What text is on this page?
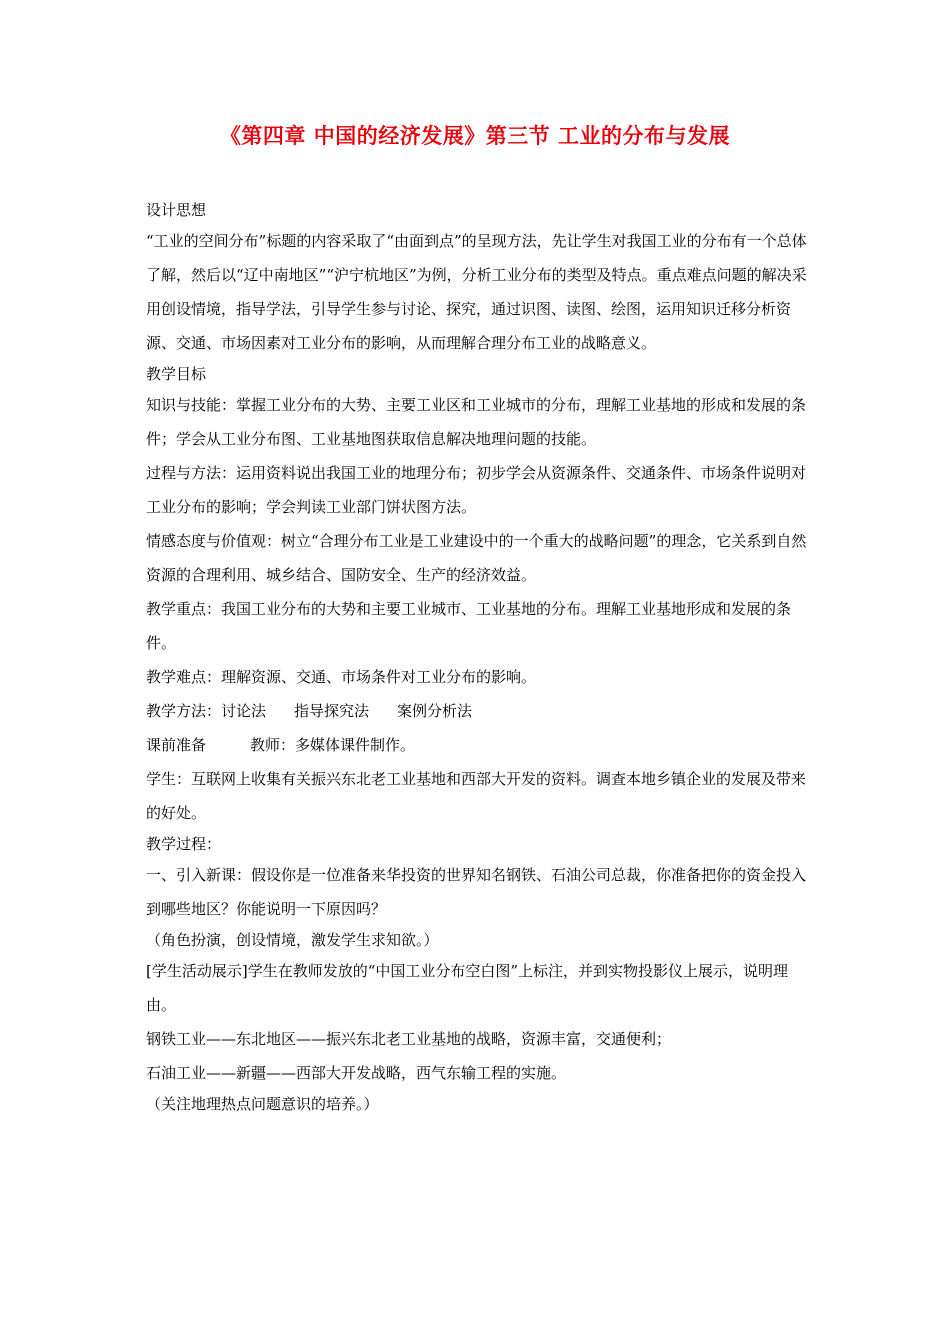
《第四章 中国的经济发展》第三节 工业的分布与发展

设计思想

“工业的空间分布”标题的内容采取了“由面到点”的呈现方法，先让学生对我国工业的分布有一个总体了解，然后以“辽中南地区”“沪宁杭地区”为例，分析工业分布的类型及特点。重点难点问题的解决采用创设情境，指导学法，引导学生参与讨论、探究，通过识图、读图、绘图，运用知识迁移分析资源、交通、市场因素对工业分布的影响，从而理解合理分布工业的战略意义。

教学目标

知识与技能：掌握工业分布的大势、主要工业区和工业城市的分布，理解工业基地的形成和发展的条件；学会从工业分布图、工业基地图获取信息解决地理问题的技能。

过程与方法：运用资料说出我国工业的地理分布；初步学会从资源条件、交通条件、市场条件说明对工业分布的影响；学会判读工业部门饼状图方法。

情感态度与价值观：树立“合理分布工业是工业建设中的一个重大的战略问题”的理念，它关系到自然资源的合理利用、城乡结合、国防安全、生产的经济效益。

教学重点：我国工业分布的大势和主要工业城市、工业基地的分布。理解工业基地形成和发展的条件。

教学难点：理解资源、交通、市场条件对工业分布的影响。

教学方法：讨论法 指导探究法 案例分析法

课前准备	教师：多媒体课件制作。

学生：互联网上收集有关振兴东北老工业基地和西部大开发的资料。调查本地乡镇企业的发展及带来的好处。

教学过程：

一、引入新课：假设你是一位准备来华投资的世界知名钢铁、石油公司总裁，你准备把你的资金投入到哪些地区？你能说明一下原因吗？

（角色扮演，创设情境，激发学生求知欲。）

[学生活动展示]学生在教师发放的“中国工业分布空白图”上标注，并到实物投影仪上展示，说明理由。

钢铁工业——东北地区——振兴东北老工业基地的战略，资源丰富，交通便利；

石油工业——新疆——西部大开发战略，西气东输工程的实施。

（关注地理热点问题意识的培养。）
